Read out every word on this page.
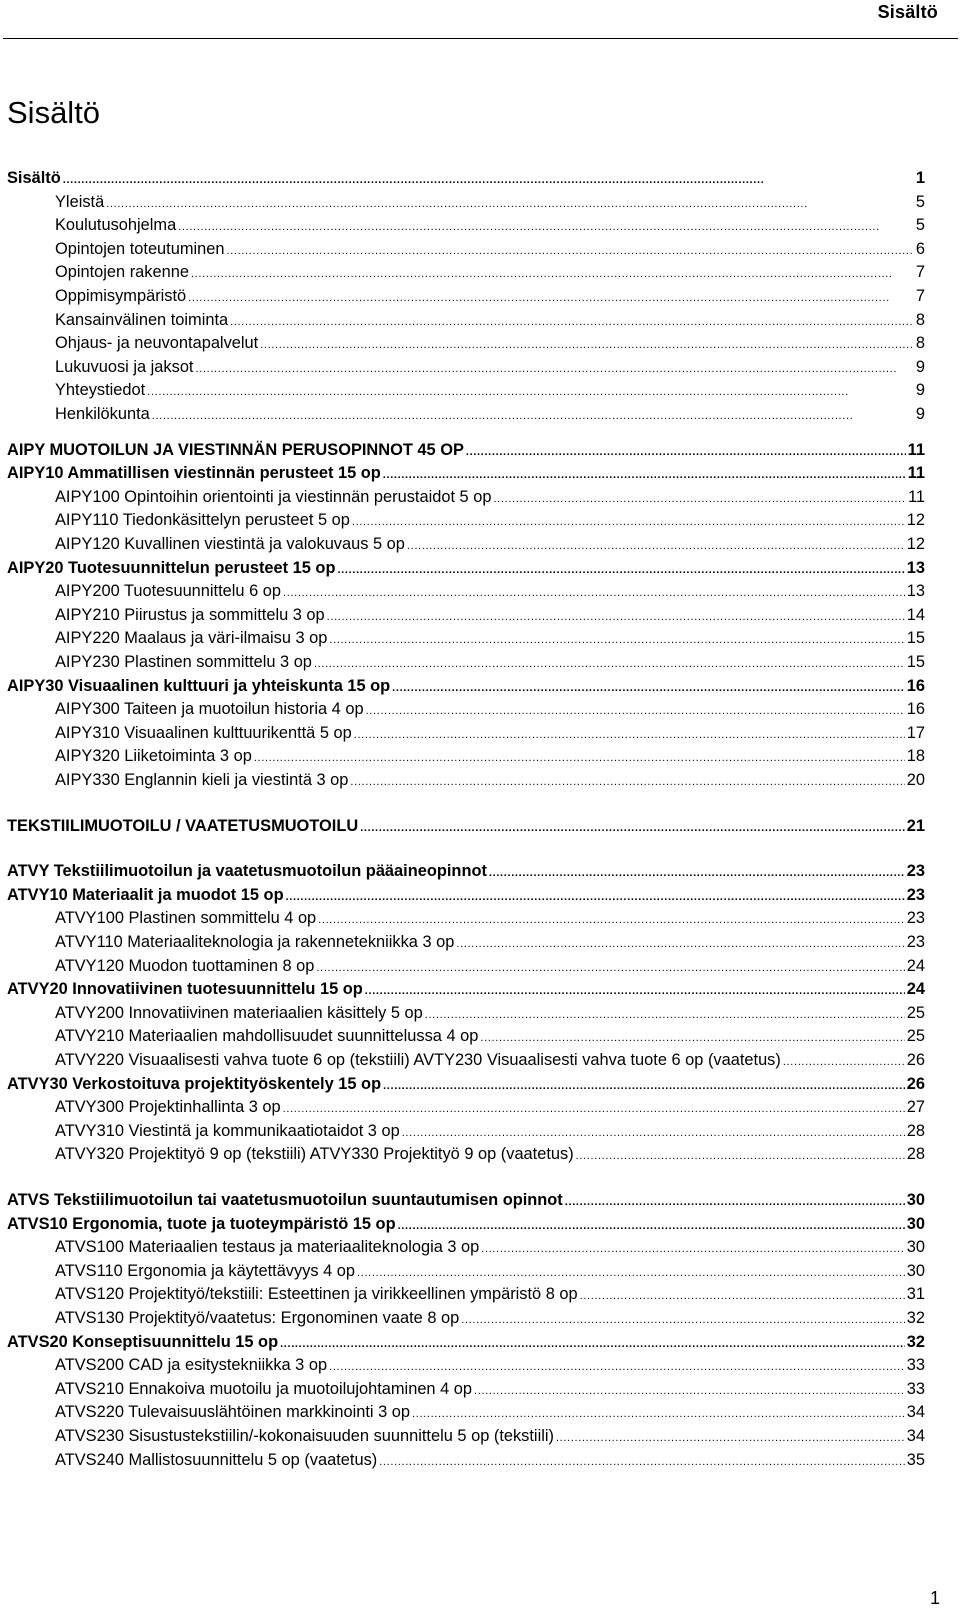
Sisältö
Sisältö
Sisältö . . .	1
Yleistä . . .	5
Koulutusohjelma . . .	5
Opintojen toteutuminen . . .	6
Opintojen rakenne . . .	7
Oppimisympäristö . . .	7
Kansainvälinen toiminta . . .	8
Ohjaus- ja neuvontapalvelut . . .	8
Lukuvuosi ja jaksot . . .	9
Yhteystiedot . . .	9
Henkilökunta . . .	9
AIPY MUOTOILUN JA VIESTINNÄN PERUSOPINNOT 45 OP . . .	11
AIPY10 Ammatillisen viestinnän perusteet 15 op . . .	11
AIPY100 Opintoihin orientointi ja viestinnän perustaidot 5 op . . .	11
AIPY110 Tiedonkäsittelyn perusteet 5 op . . .	12
AIPY120 Kuvallinen viestintä ja valokuvaus 5 op . . .	12
AIPY20 Tuotesuunnittelun perusteet 15 op . . .	13
AIPY200 Tuotesuunnittelu 6 op . . .	13
AIPY210 Piirustus ja sommittelu 3 op . . .	14
AIPY220 Maalaus ja väri-ilmaisu 3 op . . .	15
AIPY230 Plastinen sommittelu 3 op . . .	15
AIPY30 Visuaalinen kulttuuri ja yhteiskunta 15 op . . .	16
AIPY300 Taiteen ja muotoilun historia 4 op . . .	16
AIPY310 Visuaalinen kulttuurikenttä 5 op . . .	17
AIPY320 Liiketoiminta 3 op . . .	18
AIPY330 Englannin kieli ja viestintä 3 op . . .	20
TEKSTIILIMUOTOILU / VAATETUSMUOTOILU . . .	21
ATVY Tekstiilimuotoilun ja vaatetusmuotoilun pääaineopinnot . . .	23
ATVY10 Materiaalit ja muodot 15 op . . .	23
ATVY100 Plastinen sommittelu 4 op . . .	23
ATVY110 Materiaaliteknologia ja rakennetekniikka 3 op . . .	23
ATVY120 Muodon tuottaminen 8 op . . .	24
ATVY20 Innovatiivinen tuotesuunnittelu 15 op . . .	24
ATVY200 Innovatiivinen materiaalien käsittely 5 op . . .	25
ATVY210 Materiaalien mahdollisuudet suunnittelussa 4 op . . .	25
ATVY220 Visuaalisesti vahva tuote 6 op (tekstiili) AVTY230 Visuaalisesti vahva tuote 6 op (vaatetus) . . .	26
ATVY30 Verkostoituva projektityöskentely 15 op . . .	26
ATVY300 Projektinhallinta 3 op . . .	27
ATVY310 Viestintä ja kommunikaatiotaidot 3 op . . .	28
ATVY320 Projektityö 9 op (tekstiili) ATVY330 Projektityö 9 op (vaatetus) . . .	28
ATVS Tekstiilimuotoilun tai vaatetusmuotoilun suuntautumisen opinnot . . .	30
ATVS10 Ergonomia, tuote ja tuoteympäristö 15 op . . .	30
ATVS100 Materiaalien testaus ja materiaaliteknologia 3 op . . .	30
ATVS110 Ergonomia ja käytettävyys 4 op . . .	30
ATVS120 Projektityö/tekstiili: Esteettinen ja virikkeellinen ympäristö 8 op . . .	31
ATVS130 Projektityö/vaatetus: Ergonominen vaate 8 op . . .	32
ATVS20 Konseptisuunnittelu 15 op . . .	32
ATVS200 CAD ja esitystekniikka 3 op . . .	33
ATVS210 Ennakoiva muotoilu ja muotoilujohtaminen 4 op . . .	33
ATVS220 Tulevaisuuslähtöinen markkinointi 3 op . . .	34
ATVS230 Sisustustekstiilin/-kokonaisuuden suunnittelu 5 op (tekstiili) . . .	34
ATVS240 Mallistosuunnittelu 5 op (vaatetus) . . .	35
1
